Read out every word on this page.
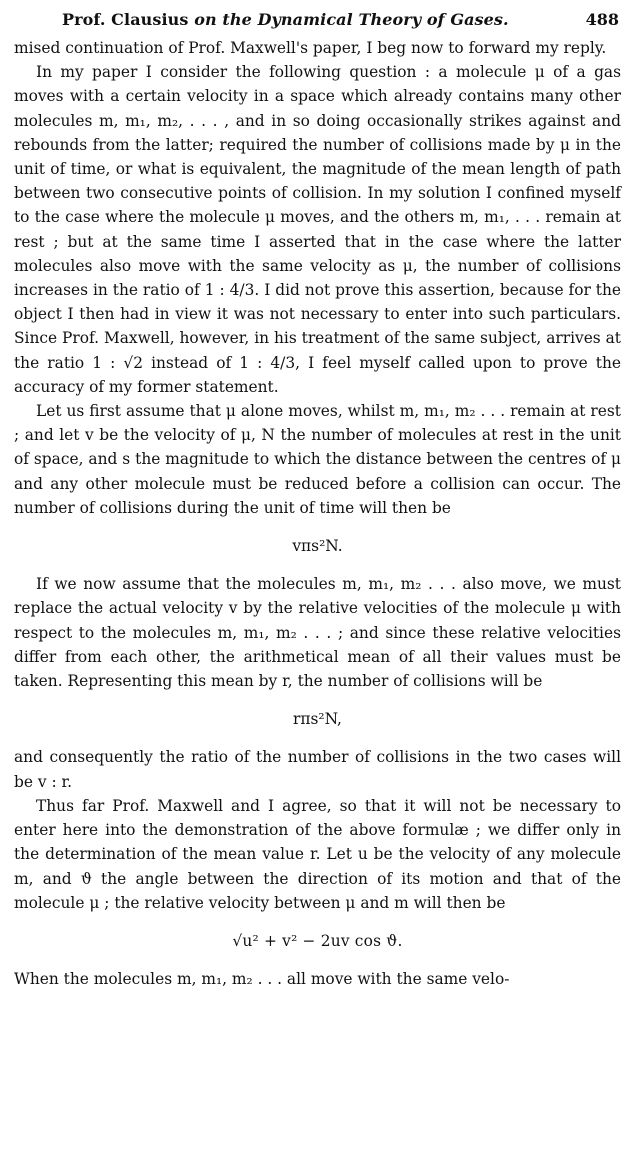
Prof. Clausius on the Dynamical Theory of Gases.	488

mised continuation of Prof. Maxwell's paper, I beg now to forward my reply.

In my paper I consider the following question : a molecule μ of a gas moves with a certain velocity in a space which already contains many other molecules m, m₁, m₂, . . . , and in so doing occasionally strikes against and rebounds from the latter; required the number of collisions made by μ in the unit of time, or what is equivalent, the magnitude of the mean length of path between two consecutive points of collision. In my solution I confined myself to the case where the molecule μ moves, and the others m, m₁, . . . remain at rest ; but at the same time I asserted that in the case where the latter molecules also move with the same velocity as μ, the number of collisions increases in the ratio of 1 : 4/3. I did not prove this assertion, because for the object I then had in view it was not necessary to enter into such particulars. Since Prof. Maxwell, however, in his treatment of the same subject, arrives at the ratio 1 : √2 instead of 1 : 4/3, I feel myself called upon to prove the accuracy of my former statement.

Let us first assume that μ alone moves, whilst m, m₁, m₂ . . . remain at rest ; and let v be the velocity of μ, N the number of molecules at rest in the unit of space, and s the magnitude to which the distance between the centres of μ and any other molecule must be reduced before a collision can occur. The number of collisions during the unit of time will then be

vπs²N.

If we now assume that the molecules m, m₁, m₂ . . . also move, we must replace the actual velocity v by the relative velocities of the molecule μ with respect to the molecules m, m₁, m₂ . . . ; and since these relative velocities differ from each other, the arithmetical mean of all their values must be taken. Representing this mean by r, the number of collisions will be

rπs²N,

and consequently the ratio of the number of collisions in the two cases will be v : r.

Thus far Prof. Maxwell and I agree, so that it will not be necessary to enter here into the demonstration of the above formulæ ; we differ only in the determination of the mean value r. Let u be the velocity of any molecule m, and ϑ the angle between the direction of its motion and that of the molecule μ ; the relative velocity between μ and m will then be

√u² + v² − 2uv cos ϑ.

When the molecules m, m₁, m₂ . . . all move with the same velo-
